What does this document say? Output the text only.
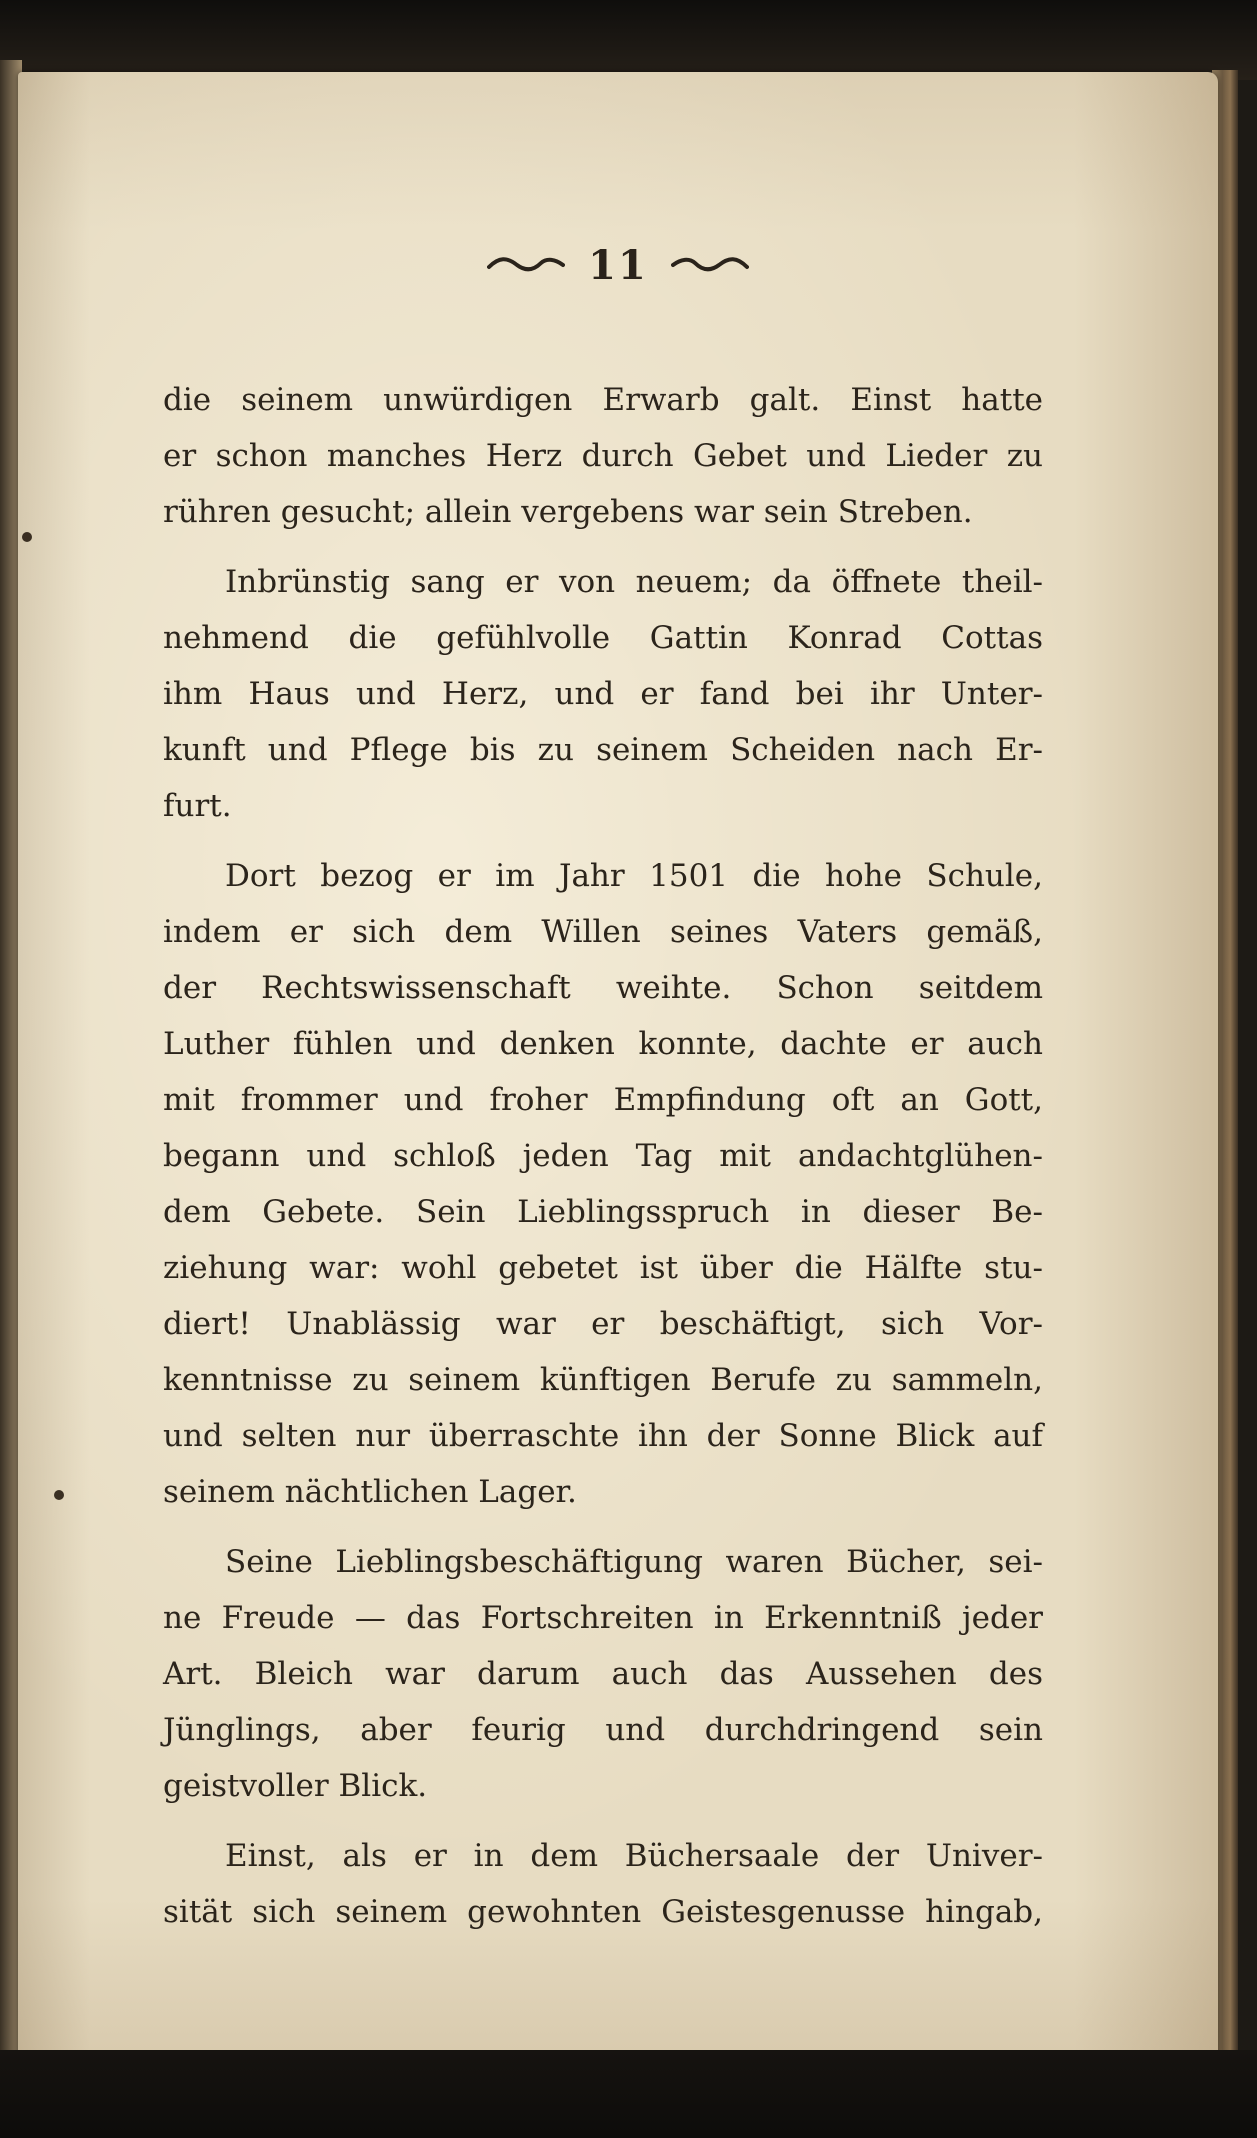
11
die seinem unwürdigen Erwarb galt. Einst hatte
er schon manches Herz durch Gebet und Lieder zu
rühren gesucht; allein vergebens war sein Streben.
Inbrünstig sang er von neuem; da öffnete theil-
nehmend die gefühlvolle Gattin Konrad Cottas
ihm Haus und Herz, und er fand bei ihr Unter-
kunft und Pflege bis zu seinem Scheiden nach Er-
furt.
Dort bezog er im Jahr 1501 die hohe Schule,
indem er sich dem Willen seines Vaters gemäß,
der Rechtswissenschaft weihte. Schon seitdem
Luther fühlen und denken konnte, dachte er auch
mit frommer und froher Empfindung oft an Gott,
begann und schloß jeden Tag mit andachtglühen-
dem Gebete. Sein Lieblingsspruch in dieser Be-
ziehung war: wohl gebetet ist über die Hälfte stu-
diert! Unablässig war er beschäftigt, sich Vor-
kenntnisse zu seinem künftigen Berufe zu sammeln,
und selten nur überraschte ihn der Sonne Blick auf
seinem nächtlichen Lager.
Seine Lieblingsbeschäftigung waren Bücher, sei-
ne Freude — das Fortschreiten in Erkenntniß jeder
Art. Bleich war darum auch das Aussehen des
Jünglings, aber feurig und durchdringend sein
geistvoller Blick.
Einst, als er in dem Büchersaale der Univer-
sität sich seinem gewohnten Geistesgenusse hingab,
